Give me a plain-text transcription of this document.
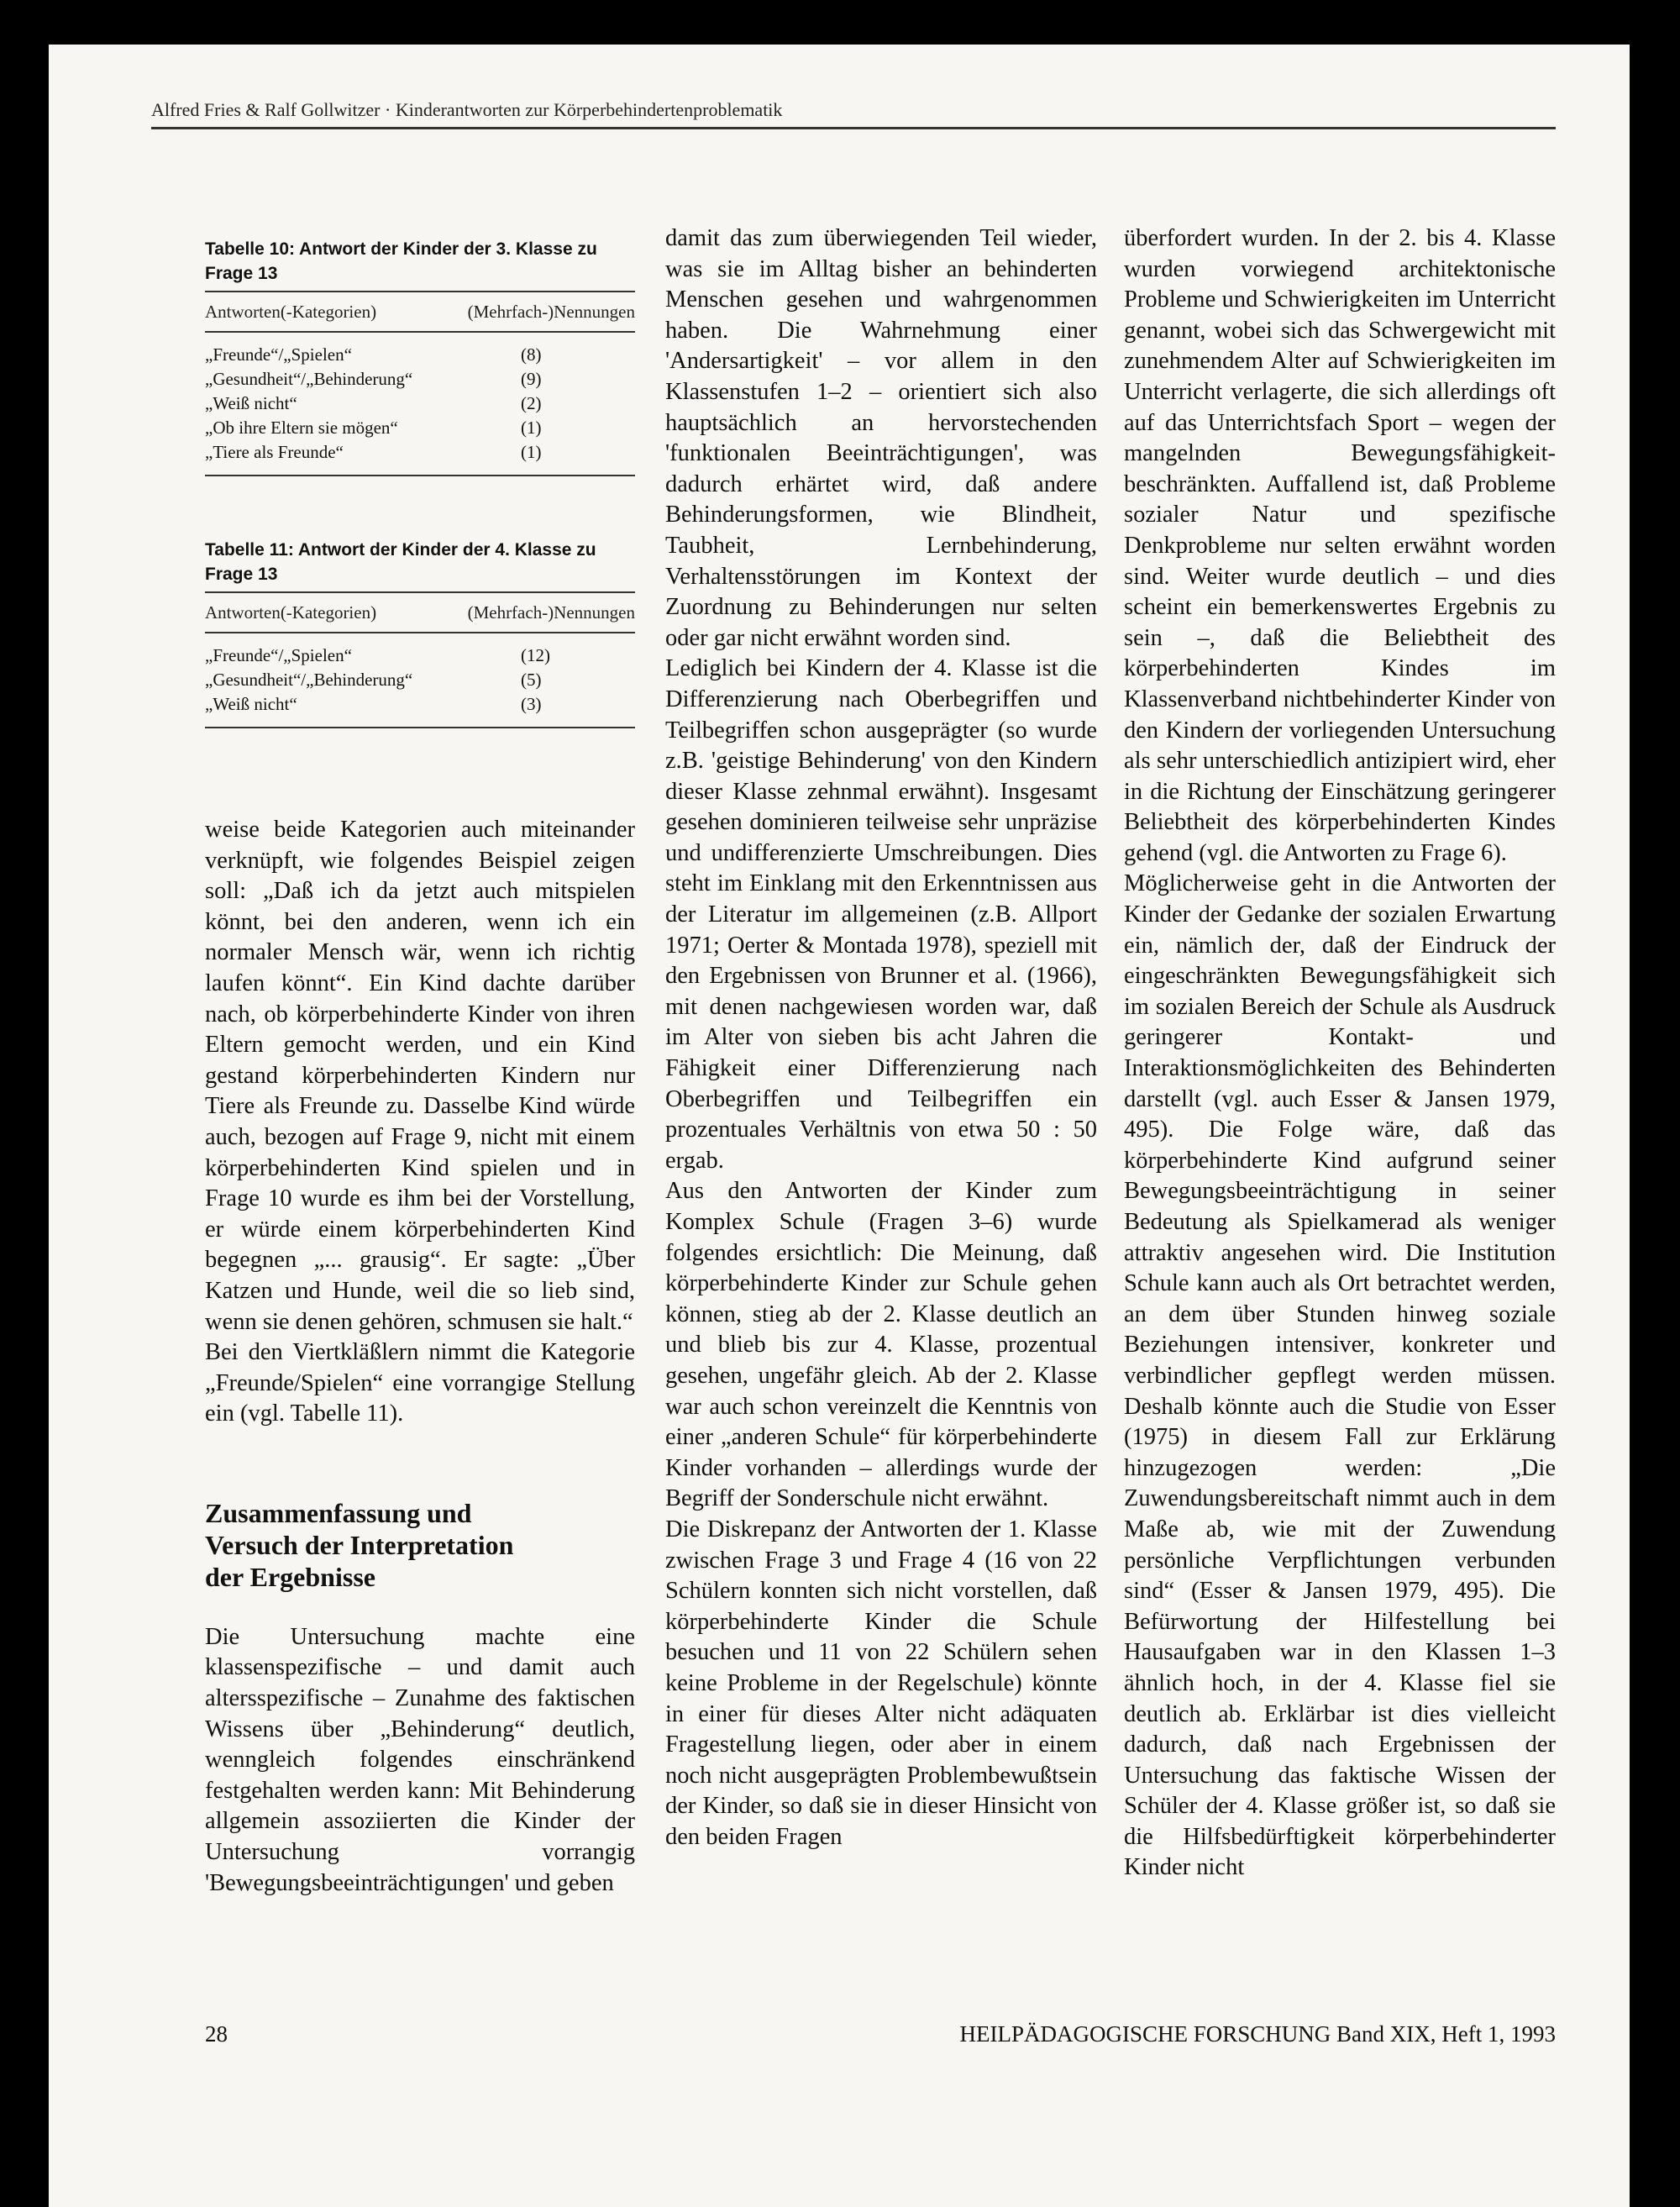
Alfred Fries & Ralf Gollwitzer · Kinderantworten zur Körperbehindertenproblematik
Tabelle 10: Antwort der Kinder der 3. Klasse zu Frage 13
Antworten(-Kategorien)	(Mehrfach-)Nennungen
„Freunde“/„Spielen“	(8)
„Gesundheit“/„Behinderung“	(9)
„Weiß nicht“	(2)
„Ob ihre Eltern sie mögen“	(1)
„Tiere als Freunde“	(1)
Tabelle 11: Antwort der Kinder der 4. Klasse zu Frage 13
Antworten(-Kategorien)	(Mehrfach-)Nennungen
„Freunde“/„Spielen“	(12)
„Gesundheit“/„Behinderung“	(5)
„Weiß nicht“	(3)

weise beide Kategorien auch miteinander verknüpft, wie folgendes Beispiel zeigen soll: „Daß ich da jetzt auch mitspielen könnt, bei den anderen, wenn ich ein normaler Mensch wär, wenn ich richtig laufen könnt“. Ein Kind dachte darüber nach, ob körperbehinderte Kinder von ihren Eltern gemocht werden, und ein Kind gestand körperbehinderten Kindern nur Tiere als Freunde zu. Dasselbe Kind würde auch, bezogen auf Frage 9, nicht mit einem körperbehinderten Kind spielen und in Frage 10 wurde es ihm bei der Vorstellung, er würde einem körperbehinderten Kind begegnen „... grausig“. Er sagte: „Über Katzen und Hunde, weil die so lieb sind, wenn sie denen gehören, schmusen sie halt.“

Bei den Viertkläßlern nimmt die Kategorie „Freunde/Spielen“ eine vorrangige Stellung ein (vgl. Tabelle 11).

Zusammenfassung und
Versuch der Interpretation
der Ergebnisse

Die Untersuchung machte eine klassenspezifische – und damit auch altersspezifische – Zunahme des faktischen Wissens über „Behinderung“ deutlich, wenngleich folgendes einschränkend festgehalten werden kann: Mit Behinderung allgemein assoziierten die Kinder der Untersuchung vorrangig 'Bewegungsbeeinträchtigungen' und geben

damit das zum überwiegenden Teil wieder, was sie im Alltag bisher an behinderten Menschen gesehen und wahrgenommen haben. Die Wahrnehmung einer 'Andersartigkeit' – vor allem in den Klassenstufen 1–2 – orientiert sich also hauptsächlich an hervorstechenden 'funktionalen Beeinträchtigungen', was dadurch erhärtet wird, daß andere Behinderungsformen, wie Blindheit, Taubheit, Lernbehinderung, Verhaltensstörungen im Kontext der Zuordnung zu Behinderungen nur selten oder gar nicht erwähnt worden sind.

Lediglich bei Kindern der 4. Klasse ist die Differenzierung nach Oberbegriffen und Teilbegriffen schon ausgeprägter (so wurde z.B. 'geistige Behinderung' von den Kindern dieser Klasse zehnmal erwähnt). Insgesamt gesehen dominieren teilweise sehr unpräzise und undifferenzierte Umschreibungen. Dies steht im Einklang mit den Erkenntnissen aus der Literatur im allgemeinen (z.B. Allport 1971; Oerter & Montada 1978), speziell mit den Ergebnissen von Brunner et al. (1966), mit denen nachgewiesen worden war, daß im Alter von sieben bis acht Jahren die Fähigkeit einer Differenzierung nach Oberbegriffen und Teilbegriffen ein prozentuales Verhältnis von etwa 50 : 50 ergab.

Aus den Antworten der Kinder zum Komplex Schule (Fragen 3–6) wurde folgendes ersichtlich: Die Meinung, daß körperbehinderte Kinder zur Schule gehen können, stieg ab der 2. Klasse deutlich an und blieb bis zur 4. Klasse, prozentual gesehen, ungefähr gleich. Ab der 2. Klasse war auch schon vereinzelt die Kenntnis von einer „anderen Schule“ für körperbehinderte Kinder vorhanden – allerdings wurde der Begriff der Sonderschule nicht erwähnt.

Die Diskrepanz der Antworten der 1. Klasse zwischen Frage 3 und Frage 4 (16 von 22 Schülern konnten sich nicht vorstellen, daß körperbehinderte Kinder die Schule besuchen und 11 von 22 Schülern sehen keine Probleme in der Regelschule) könnte in einer für dieses Alter nicht adäquaten Fragestellung liegen, oder aber in einem noch nicht ausgeprägten Problembewußtsein der Kinder, so daß sie in dieser Hinsicht von den beiden Fragen

überfordert wurden. In der 2. bis 4. Klasse wurden vorwiegend architektonische Probleme und Schwierigkeiten im Unterricht genannt, wobei sich das Schwergewicht mit zunehmendem Alter auf Schwierigkeiten im Unterricht verlagerte, die sich allerdings oft auf das Unterrichtsfach Sport – wegen der mangelnden Bewegungsfähigkeit- beschränkten. Auffallend ist, daß Probleme sozialer Natur und spezifische Denkprobleme nur selten erwähnt worden sind. Weiter wurde deutlich – und dies scheint ein bemerkenswertes Ergebnis zu sein –, daß die Beliebtheit des körperbehinderten Kindes im Klassenverband nichtbehinderter Kinder von den Kindern der vorliegenden Untersuchung als sehr unterschiedlich antizipiert wird, eher in die Richtung der Einschätzung geringerer Beliebtheit des körperbehinderten Kindes gehend (vgl. die Antworten zu Frage 6).

Möglicherweise geht in die Antworten der Kinder der Gedanke der sozialen Erwartung ein, nämlich der, daß der Eindruck der eingeschränkten Bewegungsfähigkeit sich im sozialen Bereich der Schule als Ausdruck geringerer Kontakt- und Interaktionsmöglichkeiten des Behinderten darstellt (vgl. auch Esser & Jansen 1979, 495). Die Folge wäre, daß das körperbehinderte Kind aufgrund seiner Bewegungsbeeinträchtigung in seiner Bedeutung als Spielkamerad als weniger attraktiv angesehen wird. Die Institution Schule kann auch als Ort betrachtet werden, an dem über Stunden hinweg soziale Beziehungen intensiver, konkreter und verbindlicher gepflegt werden müssen. Deshalb könnte auch die Studie von Esser (1975) in diesem Fall zur Erklärung hinzugezogen werden: „Die Zuwendungsbereitschaft nimmt auch in dem Maße ab, wie mit der Zuwendung persönliche Verpflichtungen verbunden sind“ (Esser & Jansen 1979, 495). Die Befürwortung der Hilfestellung bei Hausaufgaben war in den Klassen 1–3 ähnlich hoch, in der 4. Klasse fiel sie deutlich ab. Erklärbar ist dies vielleicht dadurch, daß nach Ergebnissen der Untersuchung das faktische Wissen der Schüler der 4. Klasse größer ist, so daß sie die Hilfsbedürftigkeit körperbehinderter Kinder nicht

28	HEILPÄDAGOGISCHE FORSCHUNG Band XIX, Heft 1, 1993
